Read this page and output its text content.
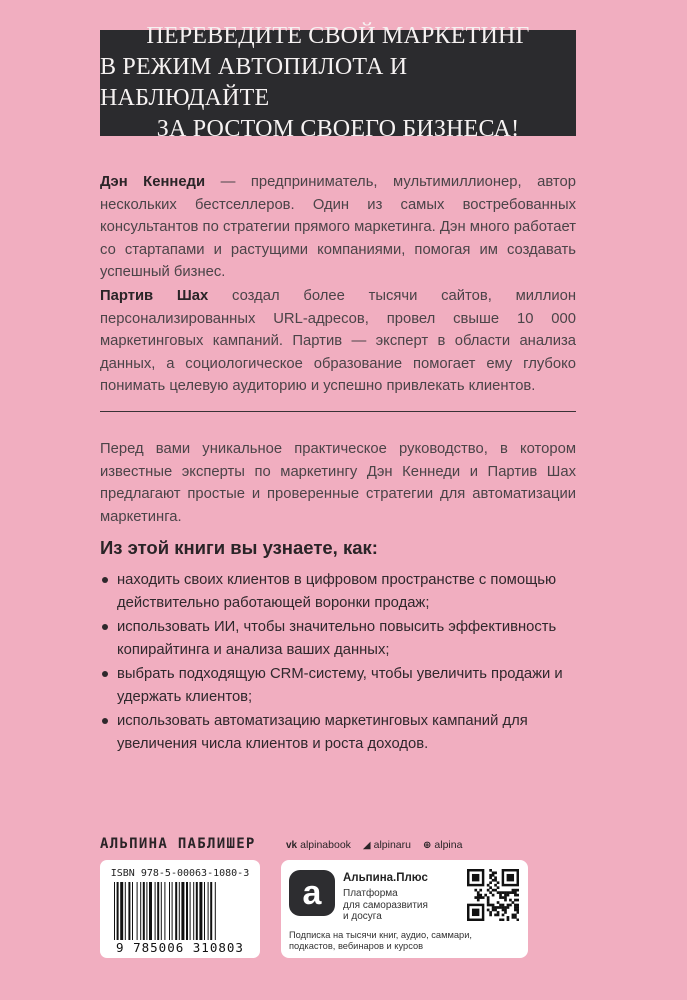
ПЕРЕВЕДИТЕ СВОЙ МАРКЕТИНГ
В РЕЖИМ АВТОПИЛОТА И НАБЛЮДАЙТЕ
ЗА РОСТОМ СВОЕГО БИЗНЕСА!
Дэн Кеннеди — предприниматель, мультимиллионер, автор нескольких бестселлеров. Один из самых востребованных консультантов по стратегии прямого маркетинга. Дэн много работает со стартапами и растущими компаниями, помогая им создавать успешный бизнес.
Партив Шах создал более тысячи сайтов, миллион персонализированных URL-адресов, провел свыше 10 000 маркетинговых кампаний. Партив — эксперт в области анализа данных, а социологическое образование помогает ему глубоко понимать целевую аудиторию и успешно привлекать клиентов.
Перед вами уникальное практическое руководство, в котором известные эксперты по маркетингу Дэн Кеннеди и Партив Шах предлагают простые и проверенные стратегии для автоматизации маркетинга.
Из этой книги вы узнаете, как:
находить своих клиентов в цифровом пространстве с помощью действительно работающей воронки продаж;
использовать ИИ, чтобы значительно повысить эффективность копирайтинга и анализа ваших данных;
выбрать подходящую CRM-систему, чтобы увеличить продажи и удержать клиентов;
использовать автоматизацию маркетинговых кампаний для увеличения числа клиентов и роста доходов.
АЛЬПИНА ПАБЛИШЕР	vk alpinabook ◢ alpinaru ⊕ alpina
ISBN 978-5-00063-1080-3
9 785006 310803
а	Альпина.Плюс
Платформа
для саморазвития
и досуга
Подписка на тысячи книг, аудио, саммари, подкастов, вебинаров и курсов
